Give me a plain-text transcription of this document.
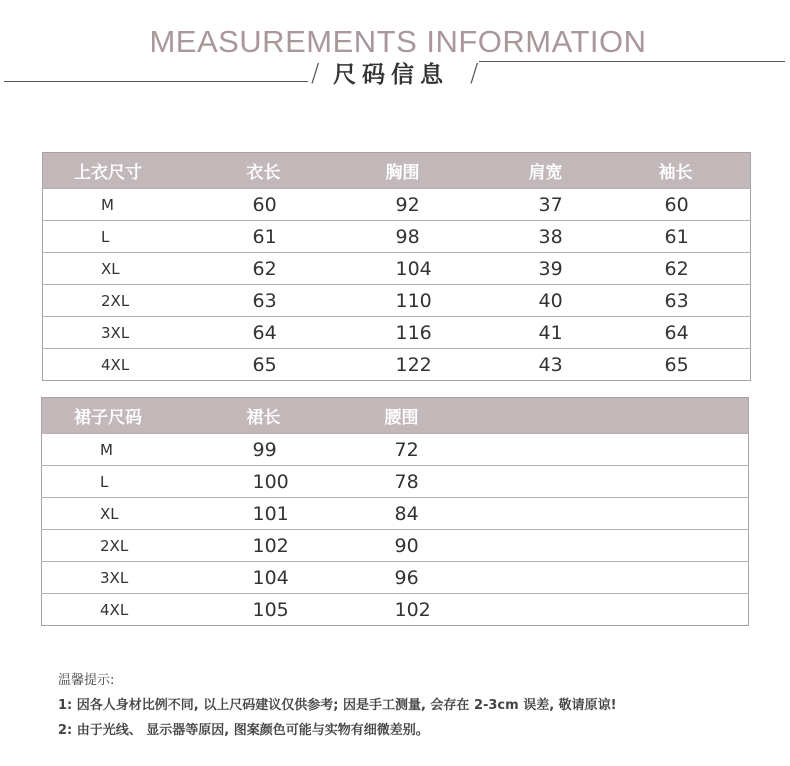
MEASUREMENTS INFORMATION
/ 尺码信息 /
上衣尺寸	衣长	胸围	肩宽	袖长
M	60	92	37	60
L	61	98	38	61
XL	62	104	39	62
2XL	63	110	40	63
3XL	64	116	41	64
4XL	65	122	43	65
裙子尺码	裙长	腰围
M	99	72
L	100	78
XL	101	84
2XL	102	90
3XL	104	96
4XL	105	102
温馨提示:
1: 因各人身材比例不同, 以上尺码建议仅供参考; 因是手工测量, 会存在 2-3cm 误差, 敬请原谅!
2: 由于光线、 显示器等原因, 图案颜色可能与实物有细微差别。
